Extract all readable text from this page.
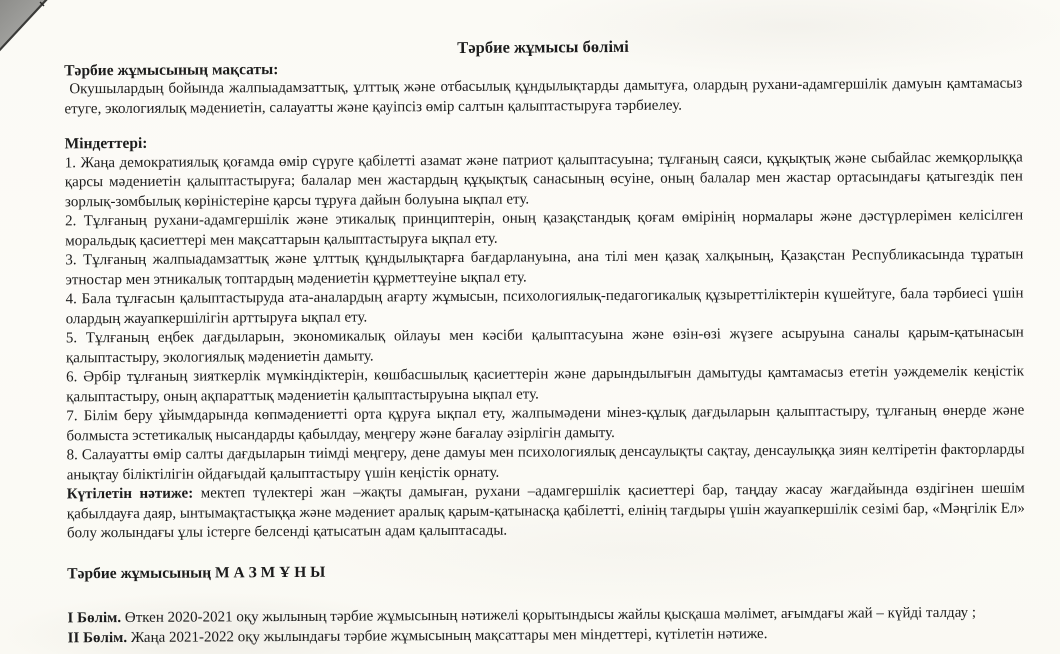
Тәрбие жұмысы бөлімі
Тәрбие жұмысының мақсаты:

Окушылардың бойында жалпыадамзаттық, ұлттық және отбасылық құндылықтарды дамытуға, олардың рухани-адамгершілік дамуын қамтамасыз етуге, экологиялық мәдениетін, салауатты және қауіпсіз өмір салтын қалыптастыруға тәрбиелеу.

Міндеттері:

1. Жаңа демократиялық қоғамда өмір сүруге қабілетті азамат және патриот қалыптасуына; тұлғаның саяси, құқықтық және сыбайлас жемқорлыққа қарсы мәдениетін қалыптастыруға; балалар мен жастардың құқықтық санасының өсуіне, оның балалар мен жастар ортасындағы қатыгездік пен зорлық-зомбылық көріністеріне қарсы тұруға дайын болуына ықпал ету.

2. Тұлғаның рухани-адамгершілік және этикалық принциптерін, оның қазақстандық қоғам өмірінің нормалары және дәстүрлерімен келісілген моральдық қасиеттері мен мақсаттарын қалыптастыруға ықпал ету.

3. Тұлғаның жалпыадамзаттық және ұлттық құндылықтарға бағдарлануына, ана тілі мен қазақ халқының, Қазақстан Республикасында тұратын этностар мен этникалық топтардың мәдениетін құрметтеуіне ықпал ету.

4. Бала тұлғасын қалыптастыруда ата-аналардың ағарту жұмысын, психологиялық-педагогикалық құзыреттіліктерін күшейтуге, бала тәрбиесі үшін олардың жауапкершілігін арттыруға ықпал ету.

5. Тұлғаның еңбек дағдыларын, экономикалық ойлауы мен кәсіби қалыптасуына және өзін-өзі жүзеге асыруына саналы қарым-қатынасын қалыптастыру, экологиялық мәдениетін дамыту.

6. Әрбір тұлғаның зияткерлік мүмкіндіктерін, көшбасшылық қасиеттерін және дарындылығын дамытуды қамтамасыз ететін уәждемелік кеңістік қалыптастыру, оның ақпараттық мәдениетін қалыптастыруына ықпал ету.

7. Білім беру ұйымдарында көпмәдениетті орта құруға ықпал ету, жалпымәдени мінез-құлық дағдыларын қалыптастыру, тұлғаның өнерде және болмыста эстетикалық нысандарды қабылдау, меңгеру және бағалау әзірлігін дамыту.

8. Салауатты өмір салты дағдыларын тиімді меңгеру, дене дамуы мен психологиялық денсаулықты сақтау, денсаулыққа зиян келтіретін факторларды анықтау біліктілігін ойдағыдай қалыптастыру үшін кеңістік орнату.

Күтілетін нәтиже: мектеп түлектері жан –жақты дамыған, рухани –адамгершілік қасиеттері бар, таңдау жасау жағдайында өздігінен шешім қабылдауға даяр, ынтымақтастыққа және мәдениет аралық қарым-қатынасқа қабілетті, елінің тағдыры үшін жауапкершілік сезімі бар, «Мәңгілік Ел» болу жолындағы ұлы істерге белсенді қатысатын адам қалыптасады.

Тәрбие жұмысының М А З М Ұ Н Ы

I Бөлім. Өткен 2020-2021 оқу жылының тәрбие жұмысының нәтижелі қорытындысы жайлы қысқаша мәлімет, ағымдағы жай – күйді талдау ;

II Бөлім. Жаңа 2021-2022 оқу жылындағы тәрбие жұмысының мақсаттары мен міндеттері, күтілетін нәтиже.
